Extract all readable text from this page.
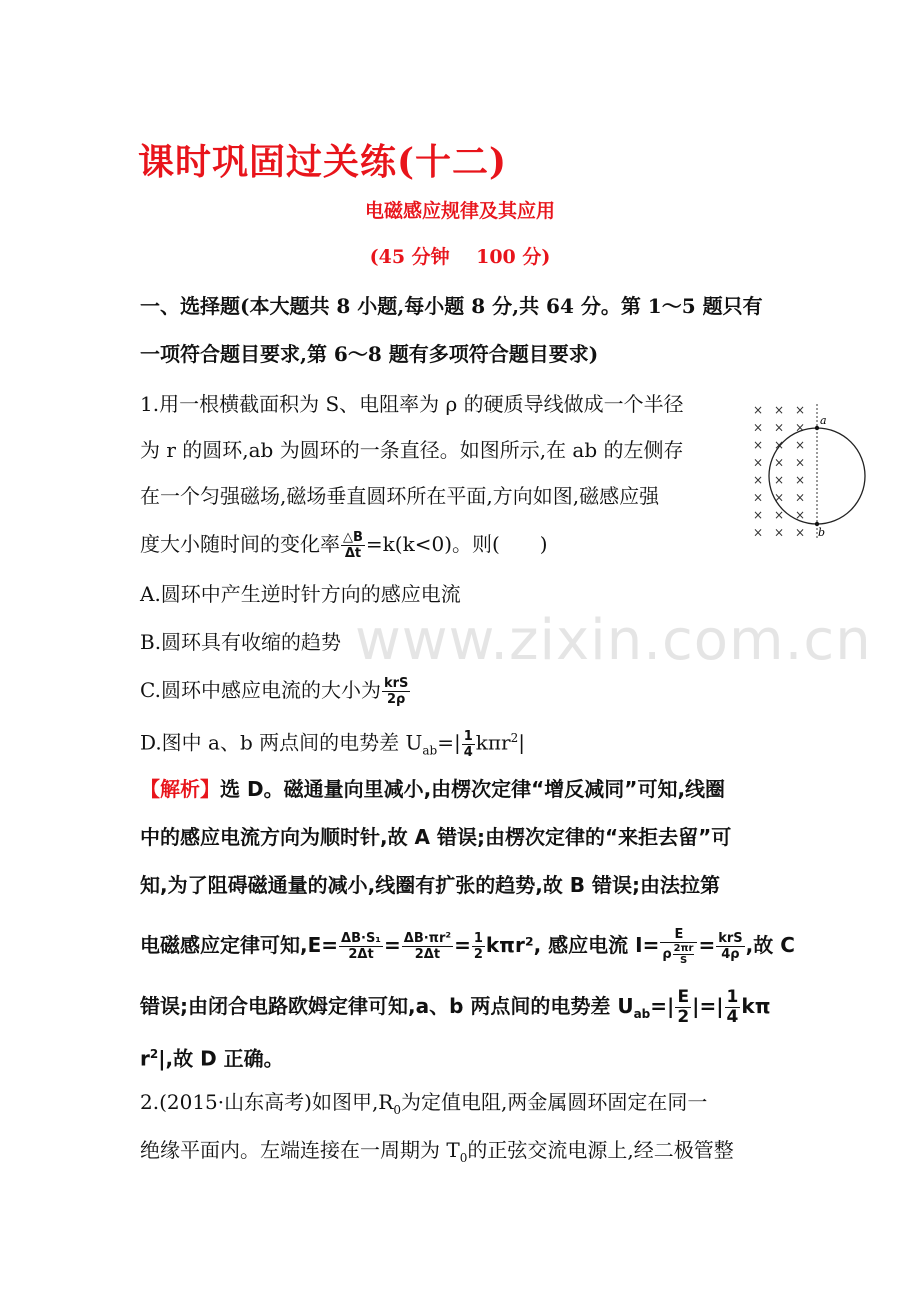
课时巩固过关练(十二)
电磁感应规律及其应用
(45 分钟    100 分)
一、选择题(本大题共 8 小题,每小题 8 分,共 64 分。第 1～5 题只有
一项符合题目要求,第 6～8 题有多项符合题目要求)
1.用一根横截面积为 S、电阻率为 ρ 的硬质导线做成一个半径
为 r 的圆环,ab 为圆环的一条直径。如图所示,在 ab 的左侧存
在一个匀强磁场,磁场垂直圆环所在平面,方向如图,磁感应强
度大小随时间的变化率 $\frac{\triangle B}{\Delta t} =k(k<0)$。则(　　)
A.圆环中产生逆时针方向的感应电流
B.圆环具有收缩的趋势
C.圆环中感应电流的大小为 $\frac{\text{krS}}{2\rho}$
D.图中 a、b 两点间的电势差 $U_{ab}=| \frac{1}{4} k\pi r^2|$
【解析】选 D。磁通量向里减小,由楞次定律“增反减同”可知,线圈
中的感应电流方向为顺时针,故 A 错误;由楞次定律的“来拒去留”可
知,为了阻碍磁通量的减小,线圈有扩张的趋势,故 B 错误;由法拉第
电磁感应定律可知$,E= \frac{\text{ΔB·S₁}}{2\Delta t} = \frac{\text{ΔB·πr²}}{2\Delta t} = \frac{1}{2} k\pi r^2$, 感应电流 $I= \frac{E}{\rho \frac{2\pi r}{S}} = \frac{\text{krS}}{4\rho}$ ,故 C
错误;由闭合电路欧姆定律可知,a、b 两点间的电势差 $U_{ab}=| \frac{E}{2}$ |=| $\frac{1}{4}$ kπ
$r^2|$,故 D 正确。
2.(2015·山东高考)如图甲$,R_0$为定值电阻,两金属圆环固定在同一
绝缘平面内。左端连接在一周期为 $T_0$的正弦交流电源上,经二极管整
www.zixin.com.cn
× × ×
× × ×
× × ×
× × ×
× × ×
× × ×
× × ×
× × ×
a
b
